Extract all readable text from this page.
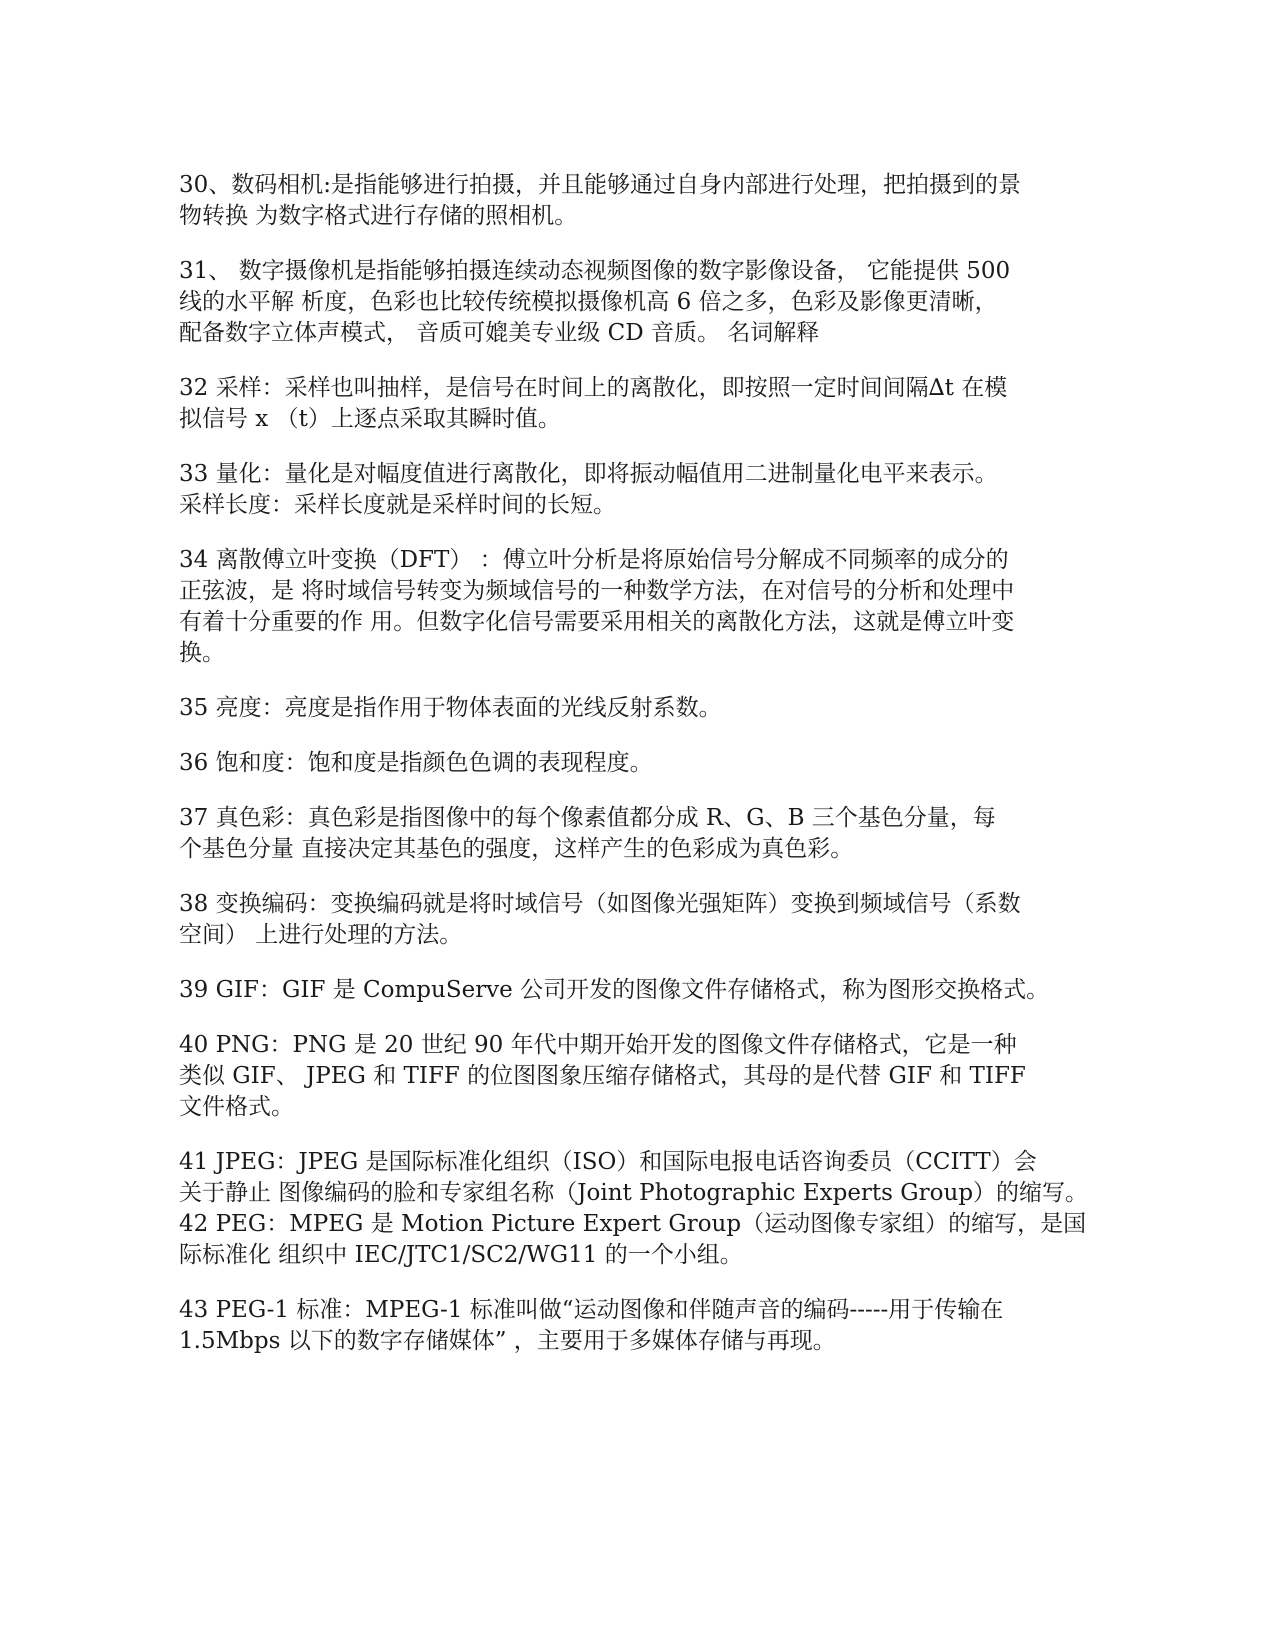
30、数码相机:是指能够进行拍摄，并且能够通过自身内部进行处理，把拍摄到的景
物转换 为数字格式进行存储的照相机。
31、 数字摄像机是指能够拍摄连续动态视频图像的数字影像设备， 它能提供 500
线的水平解 析度，色彩也比较传统模拟摄像机高 6 倍之多，色彩及影像更清晰，
配备数字立体声模式， 音质可媲美专业级 CD 音质。 名词解释
32 采样：采样也叫抽样，是信号在时间上的离散化，即按照一定时间间隔∆t 在模
拟信号 x （t）上逐点采取其瞬时值。
33 量化：量化是对幅度值进行离散化，即将振动幅值用二进制量化电平来表示。
采样长度：采样长度就是采样时间的长短。
34 离散傅立叶变换（DFT） ：傅立叶分析是将原始信号分解成不同频率的成分的
正弦波，是 将时域信号转变为频域信号的一种数学方法，在对信号的分析和处理中
有着十分重要的作 用。但数字化信号需要采用相关的离散化方法，这就是傅立叶变
换。
35 亮度：亮度是指作用于物体表面的光线反射系数。
36 饱和度：饱和度是指颜色色调的表现程度。
37 真色彩：真色彩是指图像中的每个像素值都分成 R、G、B 三个基色分量，每
个基色分量 直接决定其基色的强度，这样产生的色彩成为真色彩。
38 变换编码：变换编码就是将时域信号（如图像光强矩阵）变换到频域信号（系数
空间） 上进行处理的方法。
39 GIF：GIF 是 CompuServe 公司开发的图像文件存储格式，称为图形交换格式。
40 PNG：PNG 是 20 世纪 90 年代中期开始开发的图像文件存储格式，它是一种
类似 GIF、 JPEG 和 TIFF 的位图图象压缩存储格式，其母的是代替 GIF 和 TIFF
文件格式。
41 JPEG：JPEG 是国际标准化组织（ISO）和国际电报电话咨询委员（CCITT）会
关于静止 图像编码的脸和专家组名称（Joint Photographic Experts Group）的缩写。
42 PEG：MPEG 是 Motion Picture Expert Group（运动图像专家组）的缩写，是国
际标准化 组织中 IEC/JTC1/SC2/WG11 的一个小组。
43 PEG-1 标准：MPEG-1 标准叫做“运动图像和伴随声音的编码-----用于传输在
1.5Mbps 以下的数字存储媒体” ，主要用于多媒体存储与再现。
